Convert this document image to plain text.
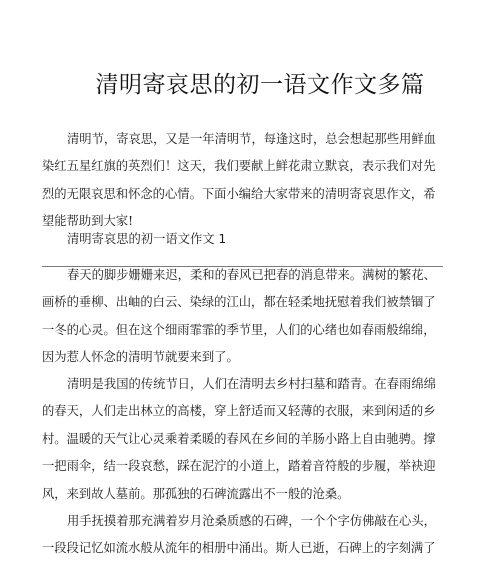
清明寄哀思的初一语文作文多篇
清明节，寄哀思，又是一年清明节，每逢这时，总会想起那些用鲜血
染红五星红旗的英烈们！这天，我们要献上鲜花肃立默哀，表示我们对先
烈的无限哀思和怀念的心情。下面小编给大家带来的清明寄哀思作文，希
望能帮助到大家!
清明寄哀思的初一语文作文 1
春天的脚步姗姗来迟，柔和的春风已把春的消息带来。满树的繁花、
画桥的垂柳、出岫的白云、染绿的江山，都在轻柔地抚慰着我们被禁锢了
一冬的心灵。但在这个细雨霏霏的季节里，人们的心绪也如春雨般绵绵，
因为惹人怀念的清明节就要来到了。
清明是我国的传统节日，人们在清明去乡村扫墓和踏青。在春雨绵绵
的春天，人们走出林立的高楼，穿上舒适而又轻薄的衣服，来到闲适的乡
村。温暖的天气让心灵乘着柔暖的春风在乡间的羊肠小路上自由驰骋。撑
一把雨伞，结一段哀愁，踩在泥泞的小道上，踏着音符般的步履，举袂迎
风，来到故人墓前。那孤独的石碑流露出不一般的沧桑。
用手抚摸着那充满着岁月沧桑质感的石碑，一个个字仿佛敲在心头，
一段段记忆如流水般从流年的相册中涌出。斯人已逝，石碑上的字刻满了
